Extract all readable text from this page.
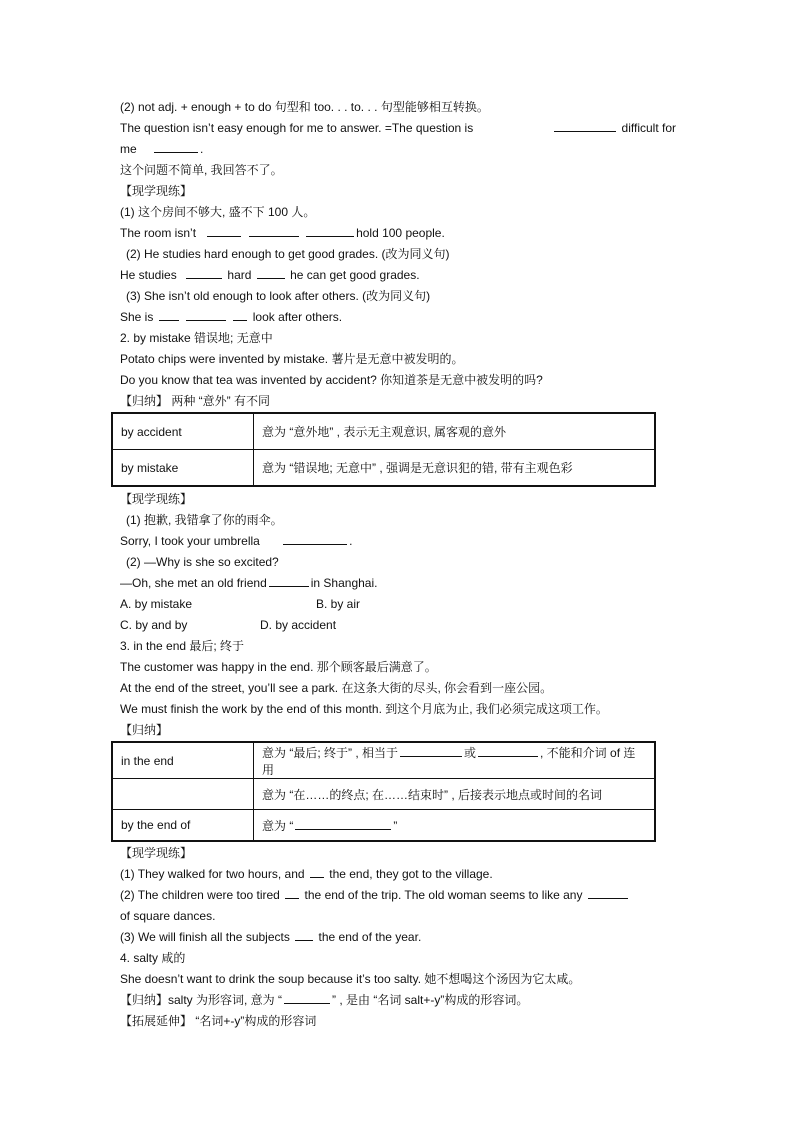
(2) not adj. + enough + to do 句型和 too. . . to. . . 句型能够相互转换。
The question isn’t easy enough for me to answer. =The question is	difficult for
me	.
这个问题不简单, 我回答不了。
【现学现练】
(1) 这个房间不够大, 盛不下 100 人。
The room isn’t	hold 100 people.
(2) He studies hard enough to get good grades. (改为同义句)
He studies	hard	he can get good grades.
(3) She isn’t old enough to look after others. (改为同义句)
She is	look after others.
2. by mistake 错误地; 无意中
Potato chips were invented by mistake. 薯片是无意中被发明的。
Do you know that tea was invented by accident? 你知道茶是无意中被发明的吗?
【归纳】 两种 “意外” 有不同
by accident	意为 “意外地” , 表示无主观意识, 属客观的意外
by mistake	意为 “错误地; 无意中” , 强调是无意识犯的错, 带有主观色彩
【现学现练】
(1) 抱歉, 我错拿了你的雨伞。
Sorry, I took your umbrella	.
(2) —Why is she so excited?
—Oh, she met an old friend	in Shanghai.
A. by mistake	B. by air
C. by and by	D. by accident
3. in the end 最后; 终于
The customer was happy in the end. 那个顾客最后满意了。
At the end of the street, you’ll see a park. 在这条大街的尽头, 你会看到一座公园。
We must finish the work by the end of this month. 到这个月底为止, 我们必须完成这项工作。
【归纳】
in the end	意为 “最后; 终于” , 相当于 或 , 不能和介词 of 连用
	意为 “在……的终点; 在……结束时” , 后接表示地点或时间的名词
by the end of	意为 “ ”
【现学现练】
(1) They walked for two hours, and the end, they got to the village.
(2) The children were too tired the end of the trip. The old woman seems to like any
of square dances.
(3) We will finish all the subjects the end of the year.
4. salty 咸的
She doesn’t want to drink the soup because it’s too salty. 她不想喝这个汤因为它太咸。
【归纳】salty 为形容词, 意为 “	” , 是由 “名词 salt+-y”构成的形容词。
【拓展延伸】 “名词+-y”构成的形容词
